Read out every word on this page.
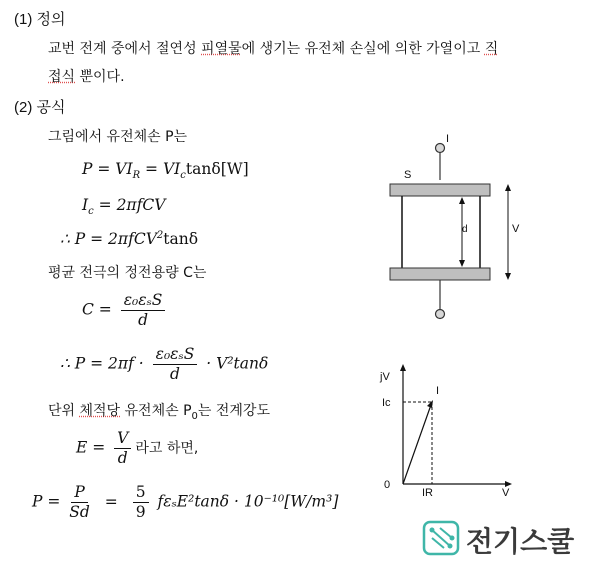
(1) 정의
교번 전계 중에서 절연성 피열물에 생기는 유전체 손실에 의한 가열이고 직
접식 뿐이다.
(2) 공식
그림에서 유전체손 P는
$P = VI_R = VI_c\tan\delta[W]$
$I_c = 2\pi fCV$
∴ P = 2πfCV$^2$tanδ
평균 전극의 정전용량 C는
$C = \frac{\text{ε₀εₛS}}{d}$
∴ $P = 2\pi f \cdot \frac{\text{ε₀εₛS}}{d} \cdot V^2\tan\delta$
단위 체적당 유전체손 $P_0$는 전계강도
$E = \frac{V}{d}$ 라고 하면,
$P = \frac{P}{Sd} = \frac{5}{9} f\varepsilon_sE^2\tan\delta \cdot 10^{-10}[W/m^3]$
I
S
d	V
jV
Ic
I
0
IR	V
전기스쿨
